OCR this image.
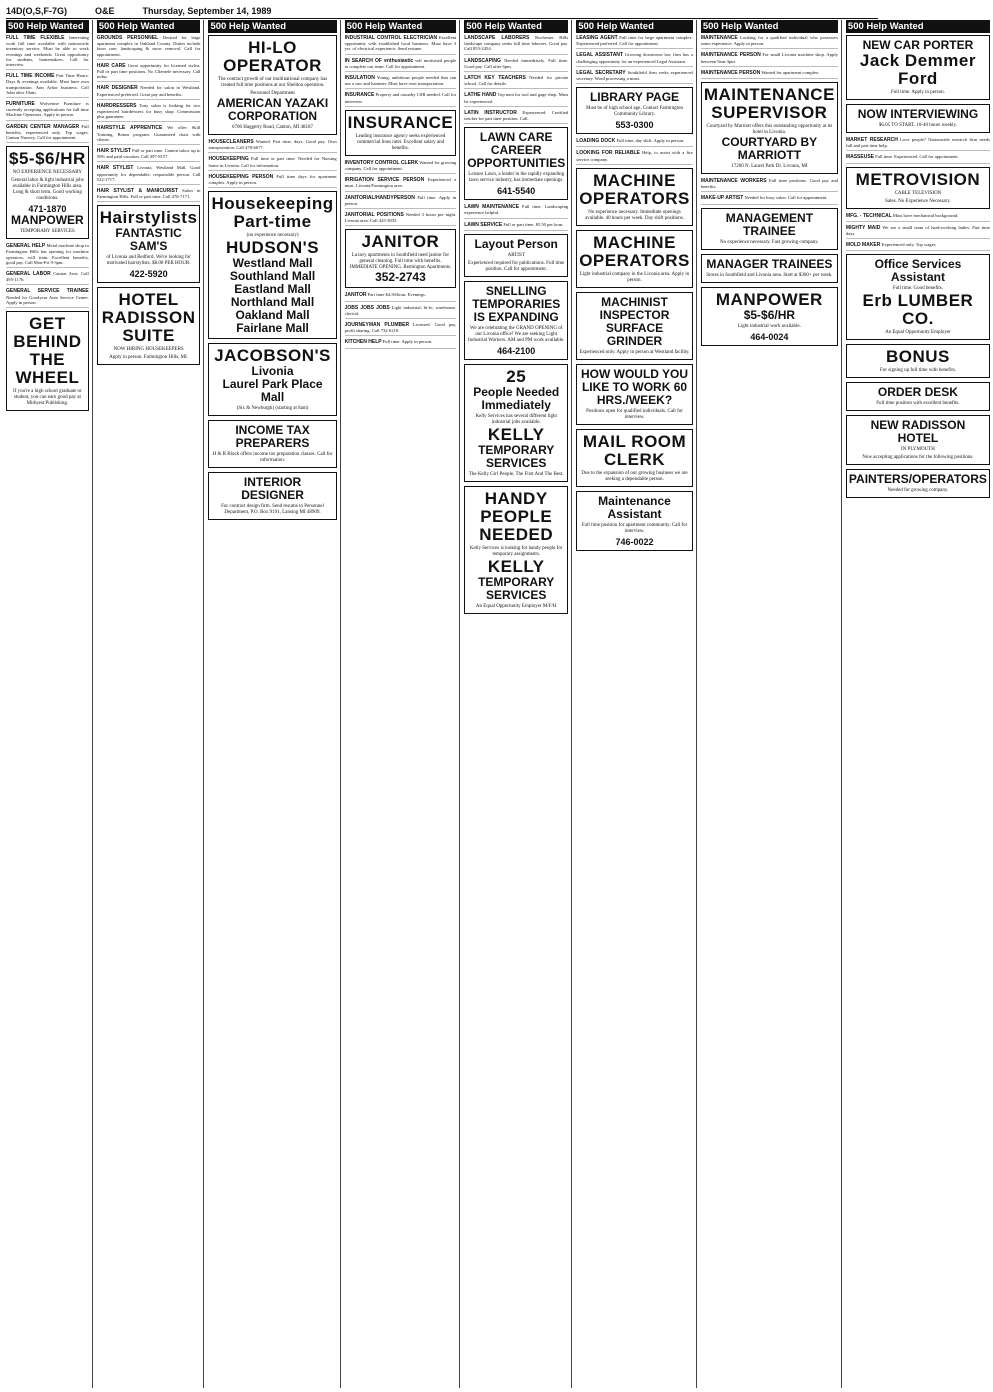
14D(O,S,F-7G)	O&E	Thursday, September 14, 1989
500 Help Wanted
FULL TIME FLEXIBLE Interesting work full time available with nationwide inventory service. Must be able to work evenings and weekends. Great opportunity for students, homemakers. Call for interview.
FULL TIME INCOME Part Time Hours. Days & evenings available. Must have own transportation. Ann Arbor business. Call John after 10am.
FURNITURE Wolverine Furniture is currently accepting applications for full time Machine Operators. Apply in person.
GARDEN CENTER MANAGER Full benefits, experienced only. Top wages. Canton Nursery. Call for appointment.
$5-$6/HR
NO EXPERIENCE NECESSARY
General labor & light industrial jobs available in Farmington Hills area. Long & short term. Good working conditions.
471-1870
MANPOWER
TEMPORARY SERVICES
GENERAL HELP Metal machine shop in Farmington Hills has opening for machine operators, will train. Excellent benefits, good pay. Call Mon-Fri 9-3pm.
GENERAL LABOR Canton Area. Call 495-1176.
GENERAL SERVICE TRAINEE Needed for Goodyear Auto Service Center. Apply in person.
GET BEHIND THE WHEEL
If you're a high school graduate or student, you can earn good pay at Midwest Publishing.
500 Help Wanted
GROUNDS PERSONNEL Desired for large apartment complex in Oakland County. Duties include lawn care, landscaping & snow removal. Call for appointment.
HAIR CARE Great opportunity for licensed stylist. Full or part time positions. No Clientele necessary. Call today.
HAIR DESIGNER Needed for salon in Westland. Experienced preferred. Great pay and benefits.
HAIRDRESSERS Tony salon is looking for two experienced hairdressers for busy shop. Commission plus guarantee.
HAIRSTYLE APPRENTICE We offer Skill Training, Bonus program, Guaranteed chair with clients.
HAIR STYLIST Full or part time. Canton salon, up to 50% and paid vacation. Call 397-8157.
HAIR STYLIST Livonia, Westland Mall. Good opportunity for dependable, responsible person. Call 522-1717.
HAIR STYLIST & MANICURIST Salon in Farmington Hills. Full or part time. Call 476-7171.
Hairstylists
FANTASTIC SAM'S
of Livonia and Redford. We're looking for motivated hairstylists. $8.00 PER HOUR.
422-5920
HOTEL RADISSON SUITE
NOW HIRING HOUSEKEEPERS
Apply in person. Farmington Hills, MI.
500 Help Wanted
HI-LO OPERATOR
The contract growth of our multinational company has created full time positions at our Sheldon operation.
Personnel Department
AMERICAN YAZAKI CORPORATION
6700 Haggerty Road, Canton, MI 48187
HOUSECLEANERS Wanted. Part time, days. Good pay. Own transportation. Call 478-6677.
HOUSEKEEPING Full time or part time. Needed for Nursing home in Livonia. Call for information.
HOUSEKEEPING PERSON Full time days for apartment complex. Apply in person.
Housekeeping Part-time
(no experience necessary)
HUDSON'S
Westland Mall
Southland Mall
Eastland Mall
Northland Mall
Oakland Mall
Fairlane Mall
JACOBSON'S
Livonia
Laurel Park Place Mall
(Six & Newburgh) (starting at 8am)
INCOME TAX PREPARERS
H & R Block offers income tax preparation classes. Call for information.
INTERIOR DESIGNER
For contract design firm. Send resume to Personnel Department, P.O. Box 9191, Lansing MI 48909.
500 Help Wanted
INDUSTRIAL CONTROL ELECTRICIAN Excellent opportunity with established local business. Must have 3 yrs. of electrical experience. Send resume.
IN SEARCH OF enthusiastic self motivated people to complete our team. Call for appointment.
INSULATION Young, ambitious people needed that can use a saw and hammer. Must have own transportation.
INSURANCE Property and casualty CSR needed. Call for interview.
INSURANCE
Leading insurance agency seeks experienced commercial lines rater. Excellent salary and benefits.
INVENTORY CONTROL CLERK Wanted for growing company. Call for appointment.
IRRIGATION SERVICE PERSON Experienced a must. Livonia/Farmington area.
JANITORIAL/HANDYPERSON Full time. Apply in person.
JANITORIAL POSITIONS Needed 3 hours per night. Livonia area. Call 425-3035.
JANITOR
Luxury apartments in Southfield need janitor for general cleaning. Full time with benefits. IMMEDIATE OPENING. Remington Apartments.
352-2743
JANITOR Part time $4.50/hour. Evenings.
JOBS JOBS JOBS Light industrial, hi-lo, warehouse, clerical.
JOURNEYMAN PLUMBER Licensed. Good pay, profit sharing. Call 732-6210.
KITCHEN HELP Full time. Apply in person.
500 Help Wanted
LANDSCAPE LABORERS Rochester Hills landscape company seeks full time laborers. Good pay. Call 853-2454.
LANDSCAPING Needed immediately. Full time. Good pay. Call after 6pm.
LATCH KEY TEACHERS Needed for private school. Call for details.
LATHE HAND Top men for tool and gage shop. Must be experienced.
LATIN INSTRUCTOR Experienced. Certified teacher for part time position. Call.
LAWN CARE CAREER OPPORTUNITIES
Leisure Lawn, a leader in the rapidly expanding lawn service industry, has immediate openings.
641-5540
LAWN MAINTENANCE Full time. Landscaping experience helpful.
LAWN SERVICE Full or part time. $5.50 per hour.
Layout Person
ARTIST
Experienced required for publications. Full time position. Call for appointment.
SNELLING TEMPORARIES IS EXPANDING
We are celebrating the GRAND OPENING of our Livonia office! We are seeking Light Industrial Workers. AM and PM work available.
464-2100
25
People Needed Immediately
Kelly Services has several different light industrial jobs available.
KELLY
TEMPORARY SERVICES
The Kelly Girl People, The First And The Best.
HANDY PEOPLE NEEDED
Kelly Services is looking for handy people for temporary assignments.
KELLY
TEMPORARY SERVICES
An Equal Opportunity Employer M/F/H
500 Help Wanted
LEASING AGENT Full time for large apartment complex. Experienced preferred. Call for appointment.
LEGAL ASSISTANT Growing downtown law firm has a challenging opportunity for an experienced Legal Assistant.
LEGAL SECRETARY Southfield firm seeks experienced secretary. Word processing a must.
LIBRARY PAGE
Must be of high school age. Contact Farmington Community Library.
553-0300
LOADING DOCK Full time, day shift. Apply in person.
LOOKING FOR RELIABLE Help, to assist with a fire service company.
MACHINE OPERATORS
No experience necessary. Immediate openings available. 40 hours per week. Day shift positions.
MACHINE OPERATORS
Light industrial company in the Livonia area. Apply in person.
MACHINIST INSPECTOR SURFACE GRINDER
Experienced only. Apply in person at Westland facility.
HOW WOULD YOU LIKE TO WORK 60 HRS./WEEK?
Positions open for qualified individuals. Call for interview.
MAIL ROOM CLERK
Due to the expansion of our growing business we are seeking a dependable person.
Maintenance Assistant
Full time position for apartment community. Call for interview.
746-0022
500 Help Wanted
MAINTENANCE Looking for a qualified individual who possesses some experience. Apply in person.
MAINTENANCE PERSON For small Livonia machine shop. Apply between 9am-3pm.
MAINTENANCE PERSON Wanted for apartment complex.
MAINTENANCE SUPERVISOR
Courtyard by Marriott offers this outstanding opportunity at its hotel in Livonia.
COURTYARD BY MARRIOTT
17200 N. Laurel Park Dr. Livonia, MI
MAINTENANCE WORKERS Full time positions. Good pay and benefits.
MAKE-UP ARTIST Needed for busy salon. Call for appointment.
MANAGEMENT TRAINEE
No experience necessary. Fast growing company.
MANAGER TRAINEES
Stores in Southfield and Livonia area. Start at $300+ per week.
MANPOWER
$5-$6/HR
Light industrial work available.
464-0024
500 Help Wanted
NEW CAR PORTER
Jack Demmer Ford
Full time. Apply in person.
NOW INTERVIEWING
$6.05 TO START. 10-40 hours weekly.
MARKET RESEARCH Love people? Nationwide research firm needs full and part time help.
MASSEUSE Full time. Experienced. Call for appointment.
METROVISION
CABLE TELEVISION
Sales. No Experience Necessary.
MFG. - TECHNICAL Must have mechanical background.
MIGHTY MAID We are a small team of hard-working ladies. Part time days.
MOLD MAKER Experienced only. Top wages.
Office Services Assistant
Full time. Good benefits.
Erb LUMBER CO.
An Equal Opportunity Employer
BONUS
For signing up full time with benefits.
ORDER DESK
Full time position with excellent benefits.
NEW RADISSON HOTEL
IN PLYMOUTH
Now accepting applications for the following positions.
PAINTERS/OPERATORS
Needed for growing company.
